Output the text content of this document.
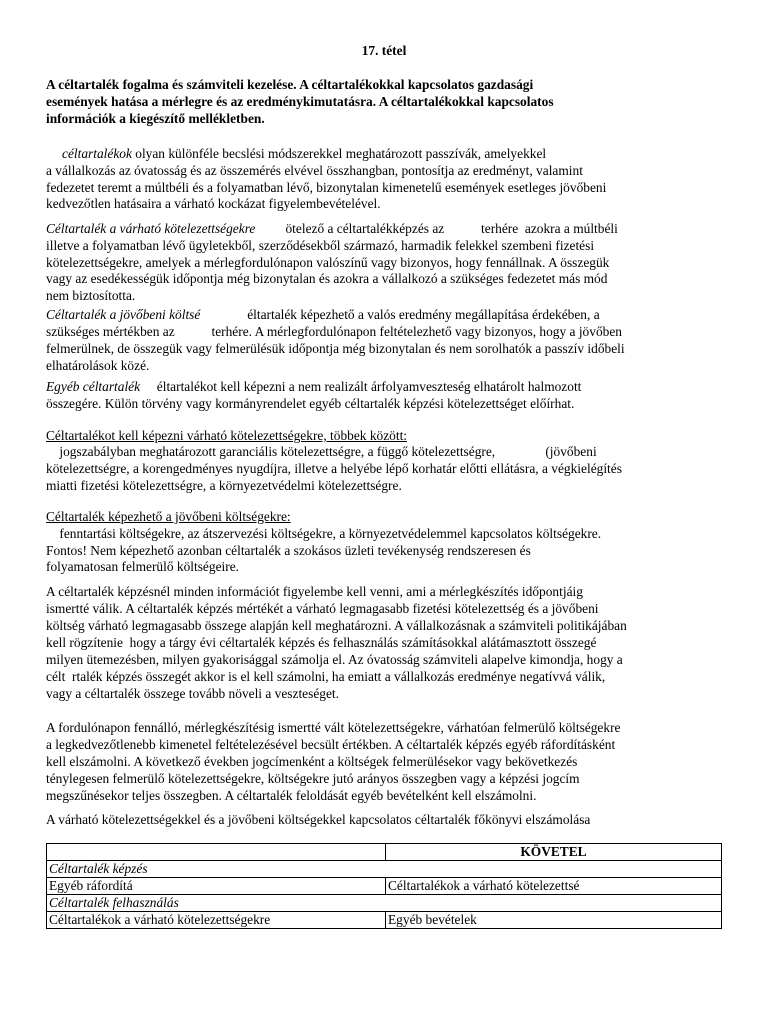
17. tétel
A céltartalék fogalma és számviteli kezelése. A céltartalékokkal kapcsolatos gazdasági
események hatása a mérlegre és az eredménykimutatásra. A céltartalékokkal kapcsolatos
információk a kiegészítő mellékletben.
céltartalékok olyan különféle becslési módszerekkel meghatározott passzívák, amelyekkel
a vállalkozás az óvatosság és az összemérés elvével összhangban, pontosítja az eredményt, valamint
fedezetet teremt a múltbéli és a folyamatban lévő, bizonytalan kimenetelű események esetleges jövőbeni
kedvezőtlen hatásaira a várható kockázat figyelembevételével.
Céltartalék a várható kötelezettségekre         ötelező a céltartalékképzés az           terhére  azokra a múltbéli
illetve a folyamatban lévő ügyletekből, szerződésekből származó, harmadik felekkel szembeni fizetési
kötelezettségekre, amelyek a mérlegfordulónapon valószínű vagy bizonyos, hogy fennállnak. A összegük
vagy az esedékességük időpontja még bizonytalan és azokra a vállalkozó a szükséges fedezetet más mód
nem biztosította.
Céltartalék a jövőbeni költsé              éltartalék képezhető a valós eredmény megállapítása érdekében, a
szükséges mértékben az           terhére. A mérlegfordulónapon feltételezhető vagy bizonyos, hogy a jövőben
felmerülnek, de összegük vagy felmerülésük időpontja még bizonytalan és nem sorolhatók a passzív időbeli
elhatárolások közé.
Egyéb céltartalék     éltartalékot kell képezni a nem realizált árfolyamveszteség elhatárolt halmozott
összegére. Külön törvény vagy kormányrendelet egyéb céltartalék képzési kötelezettséget előírhat.
Céltartalékot kell képezni várható kötelezettségekre, többek között:
jogszabályban meghatározott garanciális kötelezettségre, a függő kötelezettségre,               (jövőbeni
kötelezettségre, a korengedményes nyugdíjra, illetve a helyébe lépő korhatár előtti ellátásra, a végkielégítés
miatti fizetési kötelezettségre, a környezetvédelmi kötelezettségre.
Céltartalék képezhető a jövőbeni költségekre:
fenntartási költségekre, az átszervezési költségekre, a környezetvédelemmel kapcsolatos költségekre.
Fontos! Nem képezhető azonban céltartalék a szokásos üzleti tevékenység rendszeresen és
folyamatosan felmerülő költségeire.
A céltartalék képzésnél minden információt figyelembe kell venni, ami a mérlegkészítés időpontjáig
ismertté válik. A céltartalék képzés mértékét a várható legmagasabb fizetési kötelezettség és a jövőbeni
költség várható legmagasabb összege alapján kell meghatározni. A vállalkozásnak a számviteli politikájában
kell rögzítenie  hogy a tárgy évi céltartalék képzés és felhasználás számításokkal alátámasztott összegé
milyen ütemezésben, milyen gyakorisággal számolja el. Az óvatosság számviteli alapelve kimondja, hogy a
célt  rtalék képzés összegét akkor is el kell számolni, ha emiatt a vállalkozás eredménye negatívvá válik,
vagy a céltartalék összege tovább növeli a veszteséget.
A fordulónapon fennálló, mérlegkészítésig ismertté vált kötelezettségekre, várhatóan felmerülő költségekre
a legkedvezőtlenebb kimenetel feltételezésével becsült értékben. A céltartalék képzés egyéb ráfordításként
kell elszámolni. A következő években jogcímenként a költségek felmerülésekor vagy bekövetkezés
ténylegesen felmerülő kötelezettségekre, költségekre jutó arányos összegben vagy a képzési jogcím
megszűnésekor teljes összegben. A céltartalék feloldását egyéb bevételként kell elszámolni.
A várható kötelezettségekkel és a jövőbeni költségekkel kapcsolatos céltartalék főkönyvi elszámolása
	KÖVETEL
Céltartalék képzés	
Egyéb ráfordítá	Céltartalékok a várható kötelezettsé
Céltartalék felhasználás	
Céltartalékok a várható kötelezettségekre	Egyéb bevételek
